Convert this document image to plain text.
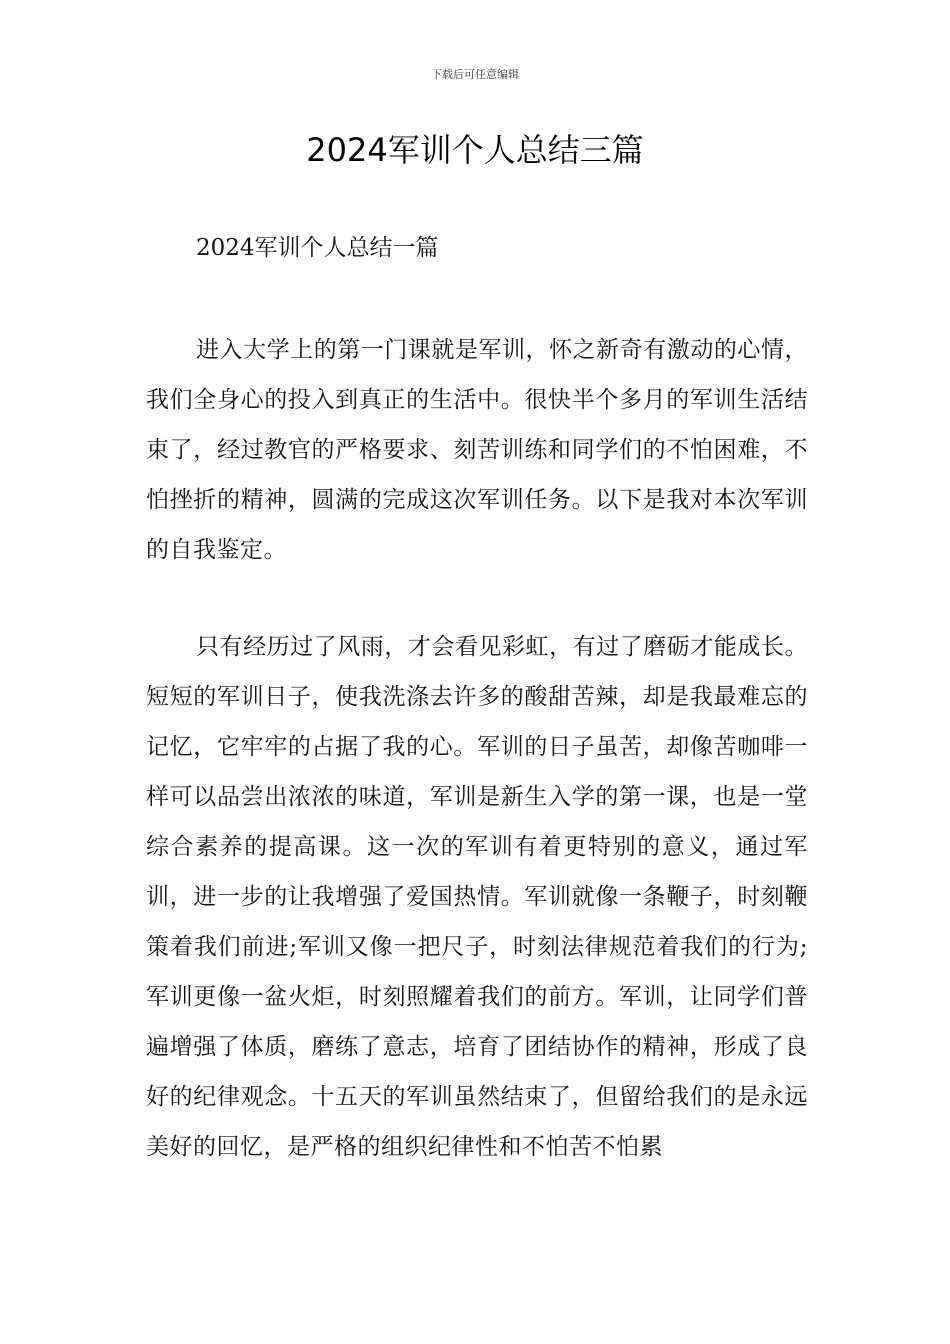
下载后可任意编辑
2024军训个人总结三篇

2024军训个人总结一篇

进入大学上的第一门课就是军训，怀之新奇有激动的心情，我们全身心的投入到真正的生活中。很快半个多月的军训生活结束了，经过教官的严格要求、刻苦训练和同学们的不怕困难，不怕挫折的精神，圆满的完成这次军训任务。以下是我对本次军训的自我鉴定。

只有经历过了风雨，才会看见彩虹，有过了磨砺才能成长。短短的军训日子，使我洗涤去许多的酸甜苦辣，却是我最难忘的记忆，它牢牢的占据了我的心。军训的日子虽苦，却像苦咖啡一样可以品尝出浓浓的味道，军训是新生入学的第一课，也是一堂综合素养的提高课。这一次的军训有着更特别的意义，通过军训，进一步的让我增强了爱国热情。军训就像一条鞭子，时刻鞭策着我们前进;军训又像一把尺子，时刻法律规范着我们的行为;军训更像一盆火炬，时刻照耀着我们的前方。军训，让同学们普遍增强了体质，磨练了意志，培育了团结协作的精神，形成了良好的纪律观念。十五天的军训虽然结束了，但留给我们的是永远美好的回忆，是严格的组织纪律性和不怕苦不怕累
